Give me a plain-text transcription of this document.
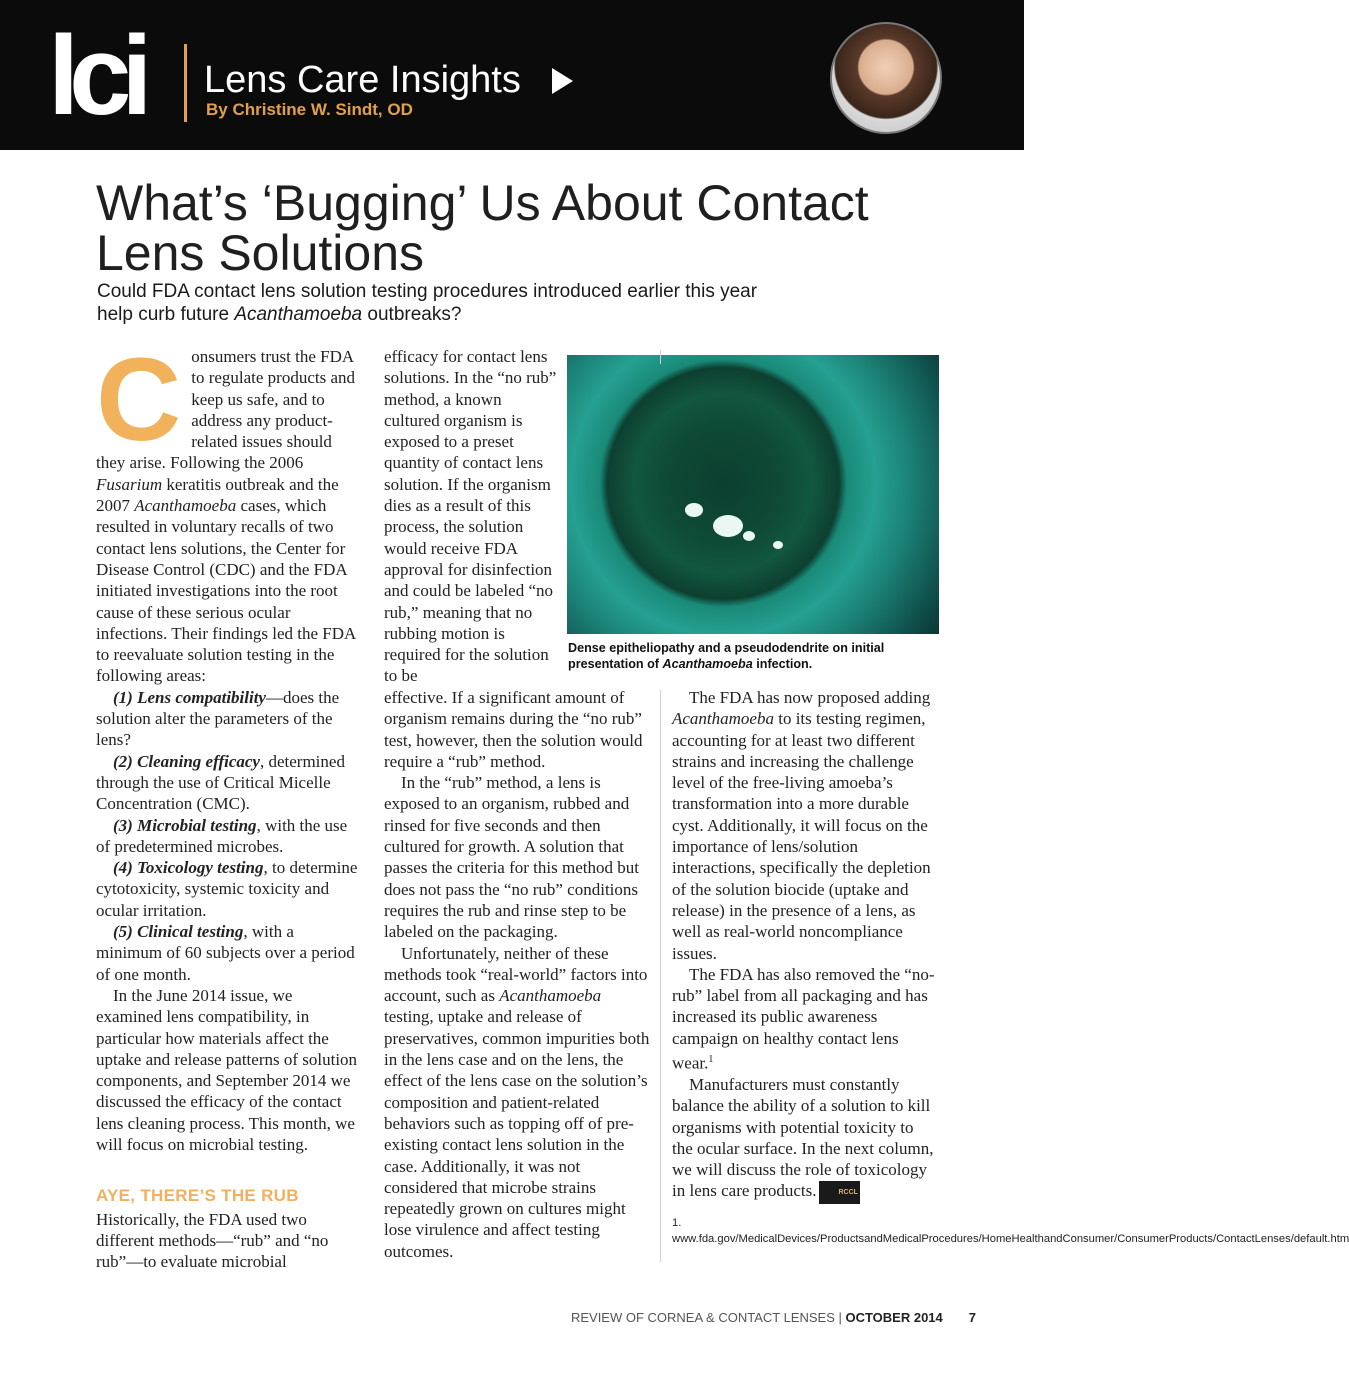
lci Lens Care Insights
By Christine W. Sindt, OD
What’s ‘Bugging’ Us About Contact Lens Solutions
Could FDA contact lens solution testing procedures introduced earlier this year
help curb future Acanthamoeba outbreaks?
C onsumers trust the FDA to regulate products and keep us safe, and to address any product-related issues should they arise. Following the 2006 Fusarium keratitis outbreak and the 2007 Acanthamoeba cases, which resulted in voluntary recalls of two contact lens solutions, the Center for Disease Control (CDC) and the FDA initiated investigations into the root cause of these serious ocular infections. Their findings led the FDA to reevaluate solution testing in the following areas:

(1) Lens compatibility—does the solution alter the parameters of the lens?

(2) Cleaning efficacy, determined through the use of Critical Micelle Concentration (CMC).

(3) Microbial testing, with the use of predetermined microbes.

(4) Toxicology testing, to determine cytotoxicity, systemic toxicity and ocular irritation.

(5) Clinical testing, with a minimum of 60 subjects over a period of one month.

In the June 2014 issue, we examined lens compatibility, in particular how materials affect the uptake and release patterns of solution components, and September 2014 we discussed the efficacy of the contact lens cleaning process. This month, we will focus on microbial testing.

AYE, THERE’S THE RUB

Historically, the FDA used two different methods—“rub” and “no rub”—to evaluate microbial

efficacy for contact lens solutions. In the “no rub” method, a known cultured organism is exposed to a preset quantity of contact lens solution. If the organism dies as a result of this process, the solution would receive FDA approval for disinfection and could be labeled “no rub,” meaning that no rubbing motion is required for the solution to be

Dense epitheliopathy and a pseudodendrite on initial presentation of Acanthamoeba infection.

effective. If a significant amount of organism remains during the “no rub” test, however, then the solution would require a “rub” method.

In the “rub” method, a lens is exposed to an organism, rubbed and rinsed for five seconds and then cultured for growth. A solution that passes the criteria for this method but does not pass the “no rub” conditions requires the rub and rinse step to be labeled on the packaging.

Unfortunately, neither of these methods took “real-world” factors into account, such as Acanthamoeba testing, uptake and release of preservatives, common impurities both in the lens case and on the lens, the effect of the lens case on the solution’s composition and patient-related behaviors such as topping off of pre-existing contact lens solution in the case. Additionally, it was not considered that microbe strains repeatedly grown on cultures might lose virulence and affect testing outcomes.

The FDA has now proposed adding Acanthamoeba to its testing regimen, accounting for at least two different strains and increasing the challenge level of the free-living amoeba’s transformation into a more durable cyst. Additionally, it will focus on the importance of lens/solution interactions, specifically the depletion of the solution biocide (uptake and release) in the presence of a lens, as well as real-world noncompliance issues.

The FDA has also removed the “no-rub” label from all packaging and has increased its public awareness campaign on healthy contact lens wear.$^1$

Manufacturers must constantly balance the ability of a solution to kill organisms with potential toxicity to the ocular surface. In the next column, we will discuss the role of toxicology in lens care products.	RCCL

1. www.fda.gov/MedicalDevices/ProductsandMedicalProcedures/HomeHealthandConsumer/ConsumerProducts/ContactLenses/default.htm
REVIEW OF CORNEA & CONTACT LENSES | OCTOBER 2014 7
